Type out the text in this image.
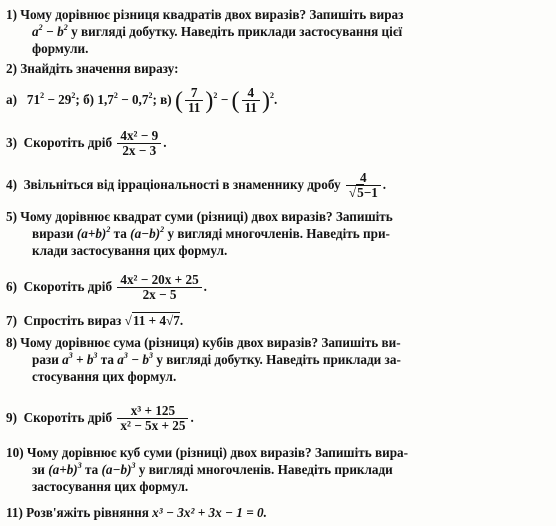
1) Чому дорівнює різниця квадратів двох виразів? Запишіть вираз
$a^2 - b^2$ у вигляді добутку. Наведіть приклади застосування цієї
формули.
2) Знайдіть значення виразу:
а) $71^2 - 29^2$; б) $1,7^2 - 0,7^2$; в) ( $\frac{7}{11} )^2$ − ( $\frac{4}{11} )^2$.
3) Скоротіть дріб $\frac{\text{4x² − 9}}{2x - 3}$ .
4) Звільніться від ірраціональності в знаменнику дробу $\frac{4}{√5-1}$ .
5) Чому дорівнює квадрат суми (різниці) двох виразів? Запишіть
вирази $(a+b)^2$ та $(a-b)^2$ у вигляді многочленів. Наведіть при-
клади застосування цих формул.
6) Скоротіть дріб $\frac{\text{4x² − 20x + 25}}{2x - 5}$ .
7) Спростіть вираз √11 + 4√7.
8) Чому дорівнює сума (різниця) кубів двох виразів? Запишіть ви-
рази $a^3 + b^3$ та $a^3 - b^3$ у вигляді добутку. Наведіть приклади за-
стосування цих формул.
9) Скоротіть дріб $\frac{\text{x³ + 125}}{\text{x² − 5x + 25}}$ .
10) Чому дорівнює куб суми (різниці) двох виразів? Запишіть вира-
зи $(a+b)^3$ та $(a-b)^3$ у вигляді многочленів. Наведіть приклади
застосування цих формул.
11) Розв'яжіть рівняння x³ − 3x² + 3x − 1 = 0.
